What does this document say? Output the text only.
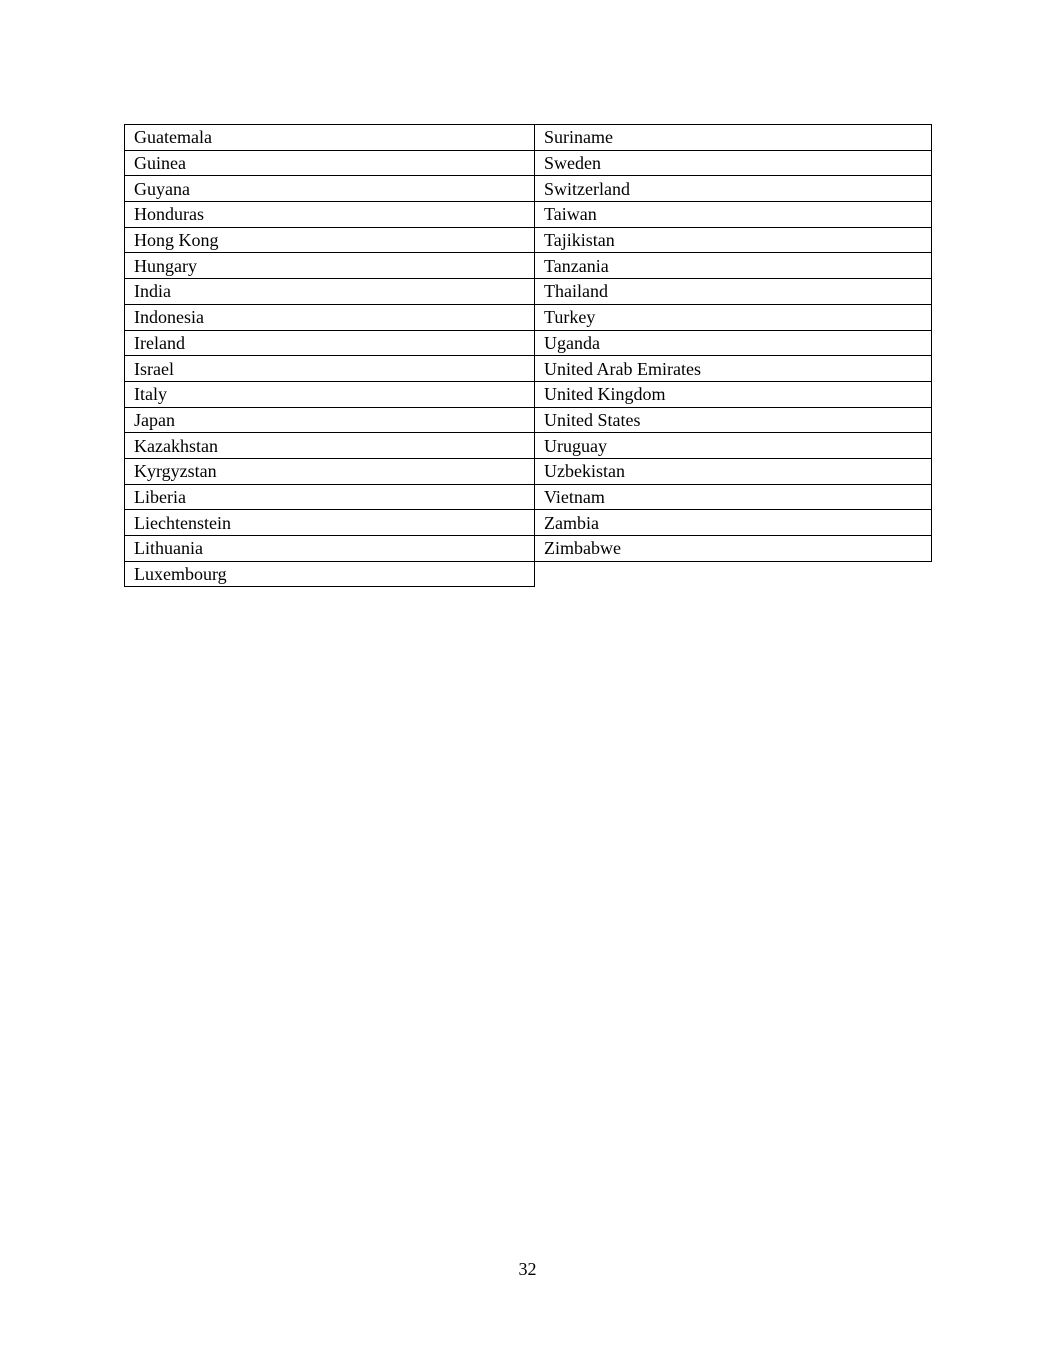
Guatemala	Suriname
Guinea	Sweden
Guyana	Switzerland
Honduras	Taiwan
Hong Kong	Tajikistan
Hungary	Tanzania
India	Thailand
Indonesia	Turkey
Ireland	Uganda
Israel	United Arab Emirates
Italy	United Kingdom
Japan	United States
Kazakhstan	Uruguay
Kyrgyzstan	Uzbekistan
Liberia	Vietnam
Liechtenstein	Zambia
Lithuania	Zimbabwe
Luxembourg	
32
